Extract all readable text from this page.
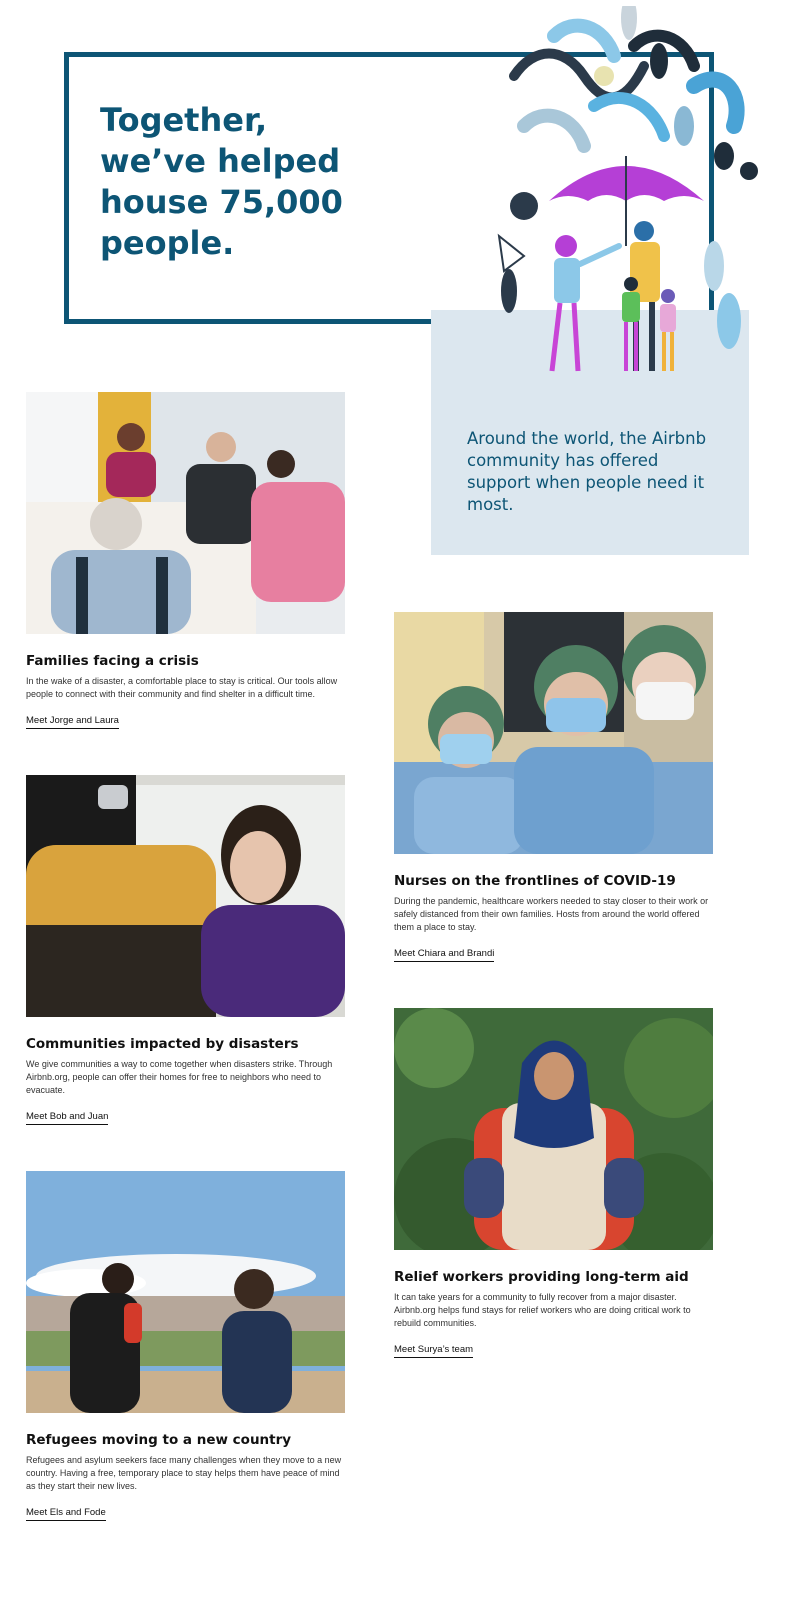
Together,
we’ve helped
house 75,000
people.

Around the world, the Airbnb community has offered support when people need it most.

Families facing a crisis

In the wake of a disaster, a comfortable place to stay is critical. Our tools allow people to connect with their community and find shelter in a difficult time.

Meet Jorge and Laura
Nurses on the frontlines of COVID-19

During the pandemic, healthcare workers needed to stay closer to their work or safely distanced from their own families. Hosts from around the world offered them a place to stay.

Meet Chiara and Brandi
Communities impacted by disasters

We give communities a way to come together when disasters strike. Through Airbnb.org, people can offer their homes for free to neighbors who need to evacuate.

Meet Bob and Juan
Relief workers providing long-term aid

It can take years for a community to fully recover from a major disaster. Airbnb.org helps fund stays for relief workers who are doing critical work to rebuild communities.

Meet Surya’s team
Refugees moving to a new country

Refugees and asylum seekers face many challenges when they move to a new country. Having a free, temporary place to stay helps them have peace of mind as they start their new lives.

Meet Els and Fode
